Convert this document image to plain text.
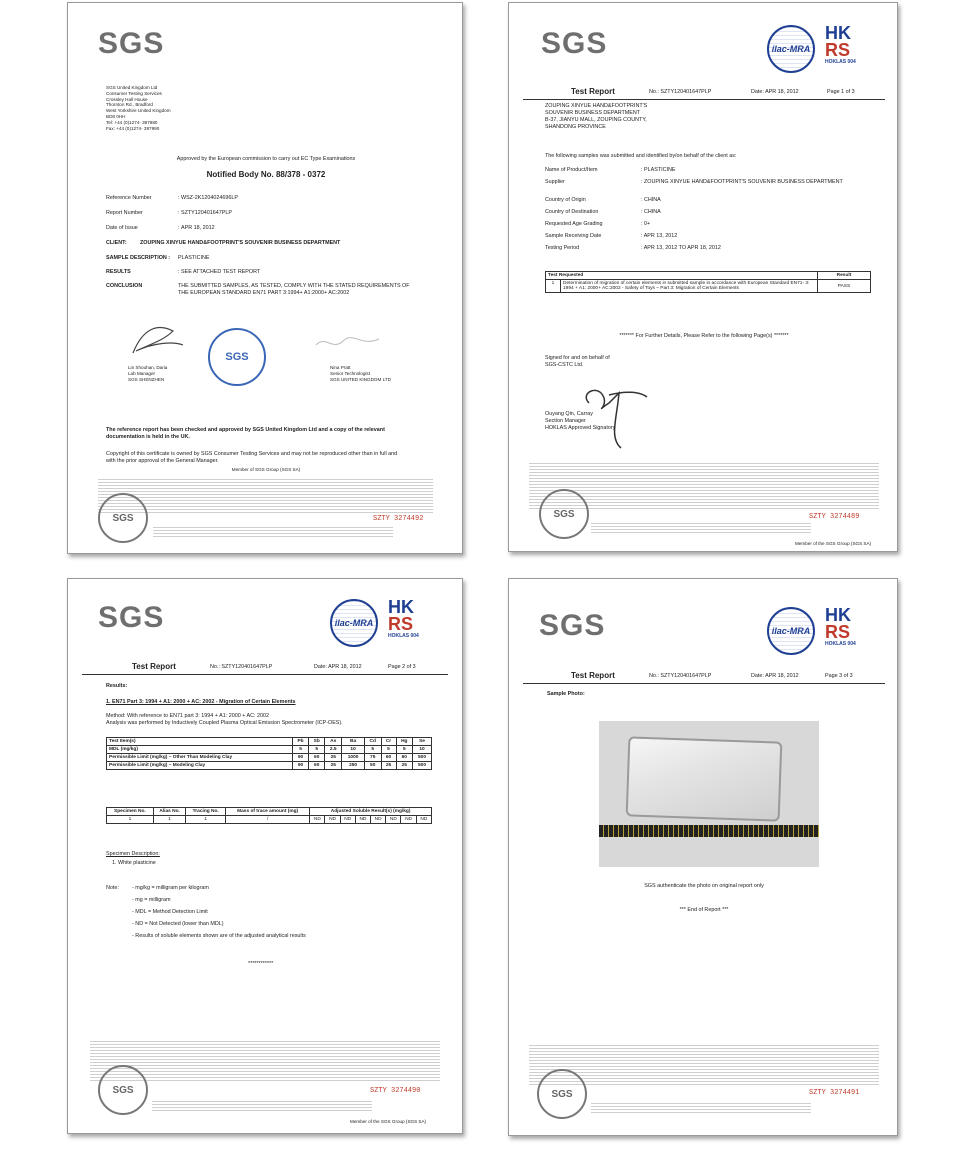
SGS
SGS United Kingdom Ltd
Consumer Testing Services
Crossley Hall House
Thornton Rd., Bradford
West Yorkshire United Kingdom
BD8 0HH
Tel: +44 (0)1274- 397980
Fax: +44 (0)1274- 397990
Approved by the European commission to carry out EC Type Examinations
Notified Body No. 88/378 - 0372
Reference Number	: WSZ-2K1204024696LP
Report Number	: SZTY120401647PLP
Date of Issue	: APR 18, 2012
CLIENT: ZOUPING XINYUE HAND&FOOTPRINT'S SOUVENIR BUSINESS DEPARTMENT
SAMPLE DESCRIPTION : PLASTICINE
RESULTS	: SEE ATTACHED TEST REPORT
CONCLUSION	THE SUBMITTED SAMPLES, AS TESTED, COMPLY WITH THE STATED REQUIREMENTS OF THE EUROPEAN STANDARD EN71 PART 3:1994+ A1:2000+ AC:2002
SGS
Lin Shouhan, Daria
Lab Manager
SGS SHENZHEN
Nina Pratt
Senior Technologist
SGS UNITED KINGDOM LTD
The reference report has been checked and approved by SGS United Kingdom Ltd and a copy of the relevant documentation is held in the UK.
Copyright of this certificate is owned by SGS Consumer Testing Services and may not be reproduced other than in full and with the prior approval of the General Manager.
Member of SGS Group (SGS SA)
SGS	SZTY 3274492
SGS	ilac-MRA
HK
RS
HOKLAS 004
Test Report	No.: SZTY120401647PLP	Date: APR 18, 2012	Page 1 of 3
ZOUPING XINYUE HAND&FOOTPRINT'S
SOUVENIR BUSINESS DEPARTMENT
B-37, JIANYU MALL, ZOUPING COUNTY,
SHANDONG PROVINCE
The following samples was submitted and identified by/on behalf of the client as:
Name of Product/Item	: PLASTICINE
Supplier	: ZOUPING XINYUE HAND&FOOTPRINT'S SOUVENIR BUSINESS DEPARTMENT
Country of Origin	: CHINA
Country of Destination	: CHINA
Requested Age Grading	: 0+
Sample Receiving Date	: APR 13, 2012
Testing Period	: APR 13, 2012 TO APR 18, 2012
Test Requested		Result
1	Determination of migration of certain elements in submitted sample in accordance with European Standard EN71- 3: 1994 + A1: 2000+ AC:2002 - Safety of Toys – Part 3: Migration of Certain Elements	PASS
******* For Further Details, Please Refer to the following Page(s) *******
Signed for and on behalf of
SGS-CSTC Ltd.
Ouyang Qin, Carray
Section Manager
HOKLAS Approved Signatory
SGS	SZTY 3274489
Member of the SGS Group (SGS SA)
SGS	ilac-MRA
HK
RS
HOKLAS 004
Test Report	No.: SZTY120401647PLP	Date: APR 18, 2012	Page 2 of 3
Results:
1. EN71 Part 3: 1994 + A1: 2000 + AC: 2002 - Migration of Certain Elements
Method: With reference to EN71 part 3: 1994 + A1: 2000 + AC: 2002
Analysis was performed by Inductively Coupled Plasma Optical Emission Spectrometer (ICP-OES).
Test Item(s)	Pb	Sb	As	Ba	Cd	Cr	Hg	Se
MDL (mg/kg)	5	5	2.5	10	5	5	5	10
Permissible Limit (mg/kg) – Other Than Modeling Clay	90	60	25	1000	75	60	60	500
Permissible Limit (mg/kg) – Modeling Clay	90	60	25	250	50	25	25	500
Specimen No.	Alias No.	Tracing No.	Mass of trace amount (mg)	Adjusted Soluble Result(s) (mg/kg)							
1	1	1	/	ND	ND	ND	ND	ND	ND	ND	ND
Specimen Description:
1. White plasticine
Note: - mg/kg = milligram per kilogram
- mg = milligram
- MDL = Method Detection Limit
- ND = Not Detected (lower than MDL)
- Results of soluble elements shown are of the adjusted analytical results
************
SGS	SZTY 3274490
Member of the SGS Group (SGS SA)
SGS	ilac-MRA
HK
RS
HOKLAS 004
Test Report	No.: SZTY120401647PLP	Date: APR 18, 2012	Page 3 of 3
Sample Photo:
SGS authenticate the photo on original report only
*** End of Report ***
SGS	SZTY 3274491
